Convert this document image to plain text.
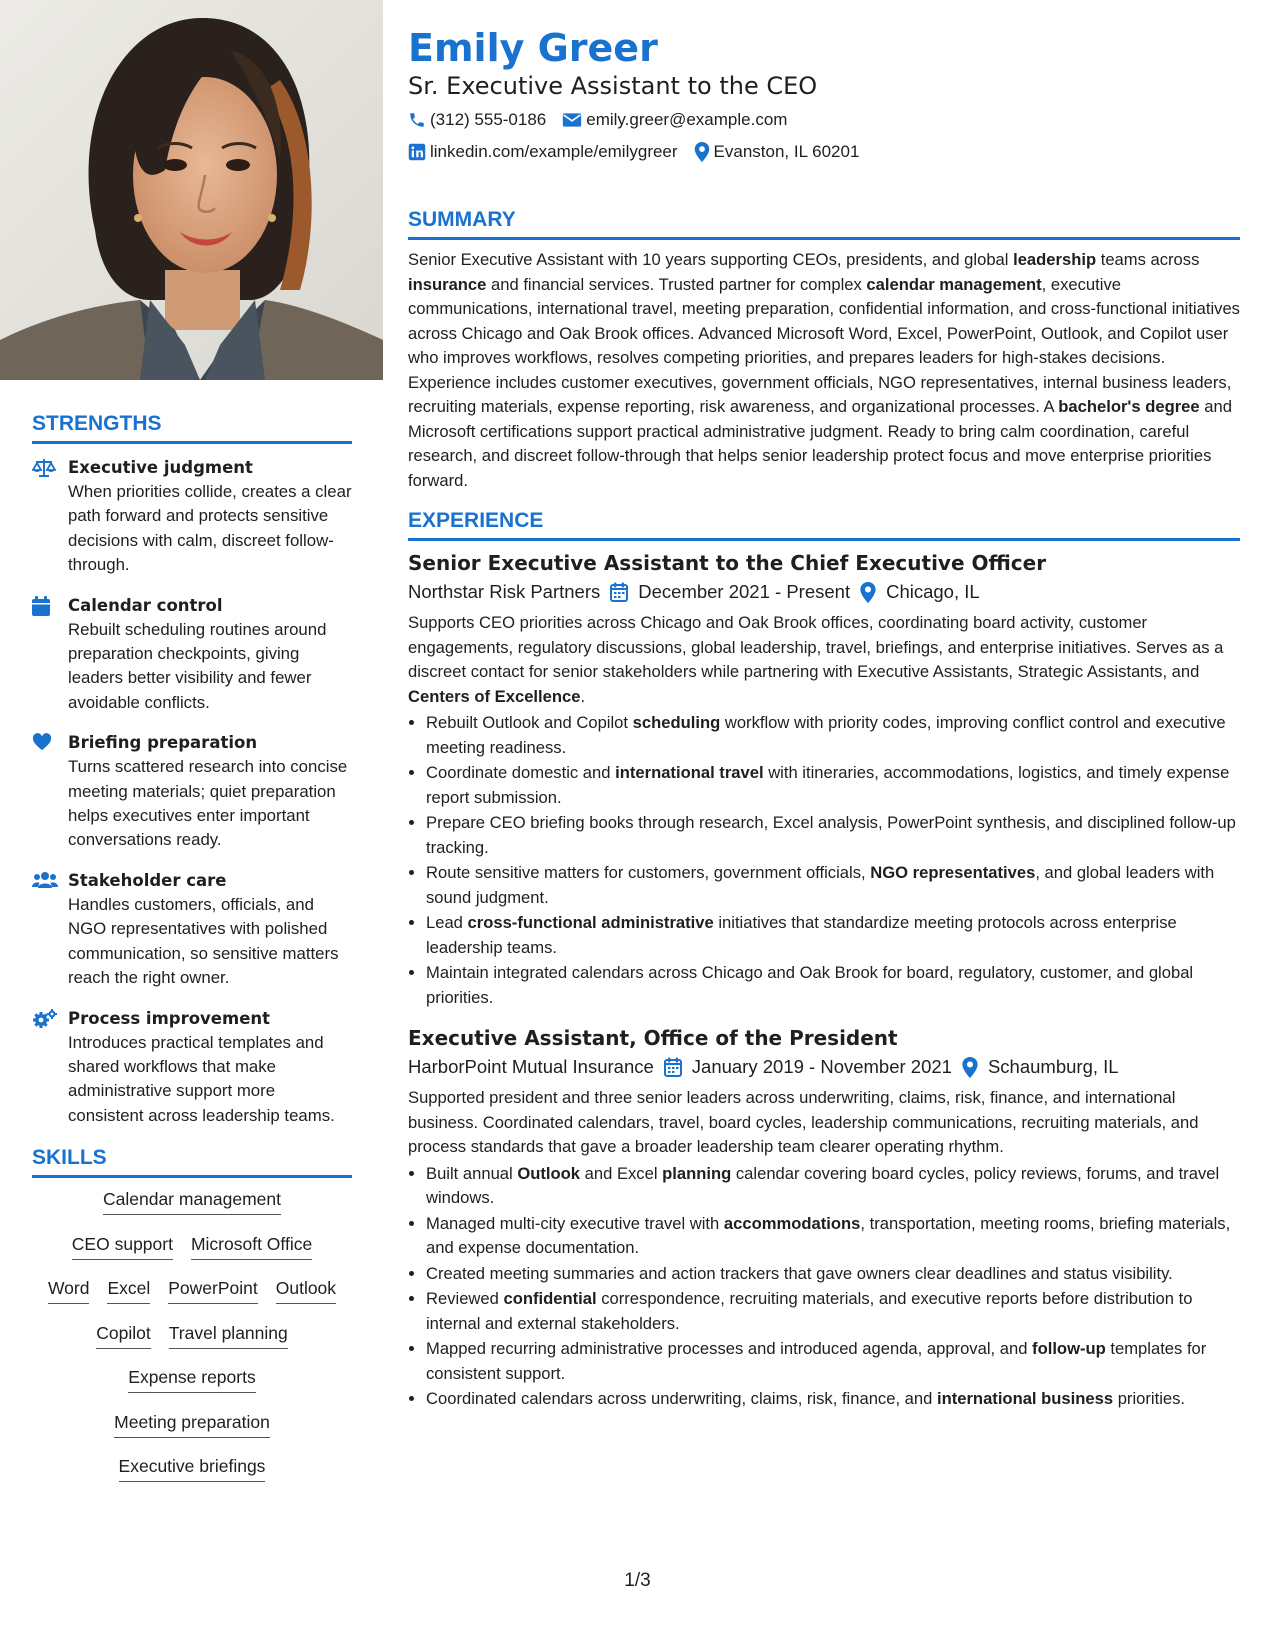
STRENGTHS
Executive judgment
When priorities collide, creates a clear path forward and protects sensitive decisions with calm, discreet follow-through.
Calendar control
Rebuilt scheduling routines around preparation checkpoints, giving leaders better visibility and fewer avoidable conflicts.
Briefing preparation
Turns scattered research into concise meeting materials; quiet preparation helps executives enter important conversations ready.
Stakeholder care
Handles customers, officials, and NGO representatives with polished communication, so sensitive matters reach the right owner.
Process improvement
Introduces practical templates and shared workflows that make administrative support more consistent across leadership teams.
SKILLS
Calendar management
CEO support Microsoft Office
Word Excel PowerPoint Outlook
Copilot Travel planning
Expense reports
Meeting preparation
Executive briefings
Emily Greer
Sr. Executive Assistant to the CEO
(312) 555-0186 emily.greer@example.com
linkedin.com/example/emilygreer Evanston, IL 60201
SUMMARY
Senior Executive Assistant with 10 years supporting CEOs, presidents, and global leadership teams across insurance and financial services. Trusted partner for complex calendar management, executive communications, international travel, meeting preparation, confidential information, and cross-functional initiatives across Chicago and Oak Brook offices. Advanced Microsoft Word, Excel, PowerPoint, Outlook, and Copilot user who improves workflows, resolves competing priorities, and prepares leaders for high-stakes decisions. Experience includes customer executives, government officials, NGO representatives, internal business leaders, recruiting materials, expense reporting, risk awareness, and organizational processes. A bachelor's degree and Microsoft certifications support practical administrative judgment. Ready to bring calm coordination, careful research, and discreet follow-through that helps senior leadership protect focus and move enterprise priorities forward.
EXPERIENCE
Senior Executive Assistant to the Chief Executive Officer
Northstar Risk Partners December 2021 - Present Chicago, IL
Supports CEO priorities across Chicago and Oak Brook offices, coordinating board activity, customer engagements, regulatory discussions, global leadership, travel, briefings, and enterprise initiatives. Serves as a discreet contact for senior stakeholders while partnering with Executive Assistants, Strategic Assistants, and Centers of Excellence.
• Rebuilt Outlook and Copilot scheduling workflow with priority codes, improving conflict control and executive meeting readiness.
• Coordinate domestic and international travel with itineraries, accommodations, logistics, and timely expense report submission.
• Prepare CEO briefing books through research, Excel analysis, PowerPoint synthesis, and disciplined follow-up tracking.
• Route sensitive matters for customers, government officials, NGO representatives, and global leaders with sound judgment.
• Lead cross-functional administrative initiatives that standardize meeting protocols across enterprise leadership teams.
• Maintain integrated calendars across Chicago and Oak Brook for board, regulatory, customer, and global priorities.
Executive Assistant, Office of the President
HarborPoint Mutual Insurance January 2019 - November 2021 Schaumburg, IL
Supported president and three senior leaders across underwriting, claims, risk, finance, and international business. Coordinated calendars, travel, board cycles, leadership communications, recruiting materials, and process standards that gave a broader leadership team clearer operating rhythm.
• Built annual Outlook and Excel planning calendar covering board cycles, policy reviews, forums, and travel windows.
• Managed multi-city executive travel with accommodations, transportation, meeting rooms, briefing materials, and expense documentation.
• Created meeting summaries and action trackers that gave owners clear deadlines and status visibility.
• Reviewed confidential correspondence, recruiting materials, and executive reports before distribution to internal and external stakeholders.
• Mapped recurring administrative processes and introduced agenda, approval, and follow-up templates for consistent support.
• Coordinated calendars across underwriting, claims, risk, finance, and international business priorities.
1/3
